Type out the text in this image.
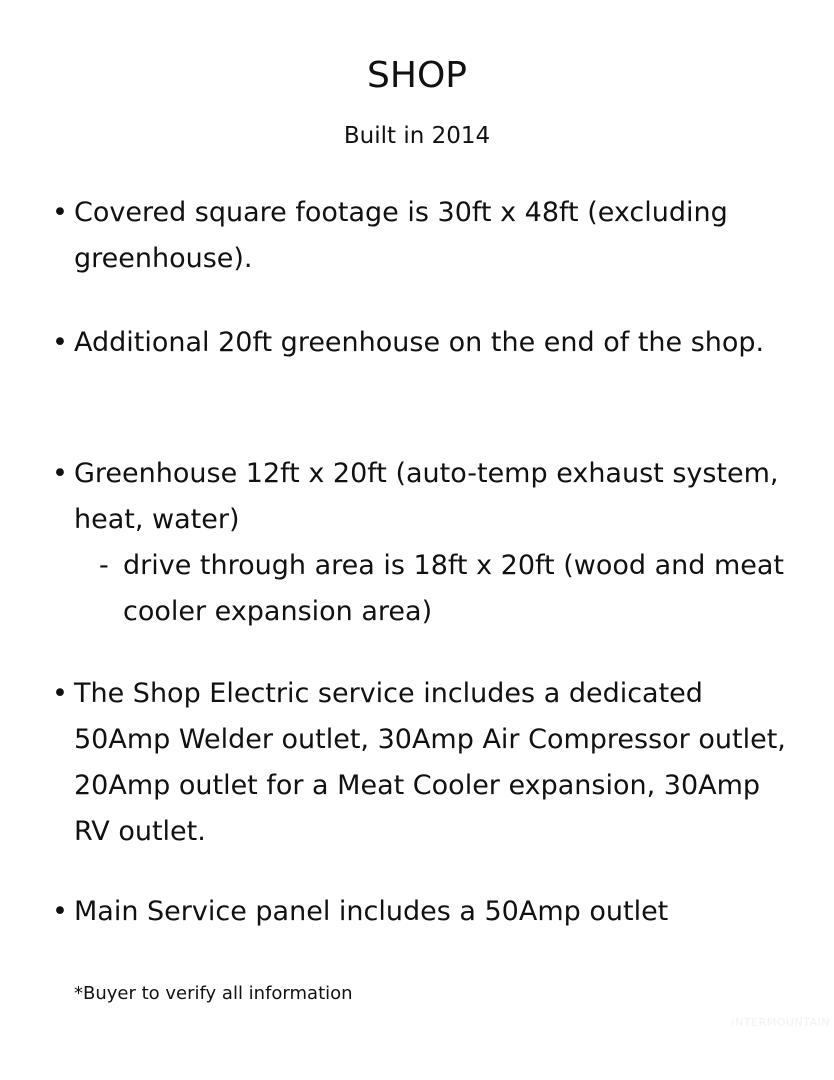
SHOP
Built in 2014
• Covered square footage is 30ft x 48ft (excluding greenhouse).
• Additional 20ft greenhouse on the end of the shop.
• Greenhouse 12ft x 20ft (auto-temp exhaust system, heat, water)
- drive through area is 18ft x 20ft (wood and meat cooler expansion area)
• The Shop Electric service includes a dedicated 50Amp Welder outlet, 30Amp Air Compressor outlet, 20Amp outlet for a Meat Cooler expansion, 30Amp RV outlet.
• Main Service panel includes a 50Amp outlet
*Buyer to verify all information
INTERMOUNTAIN
